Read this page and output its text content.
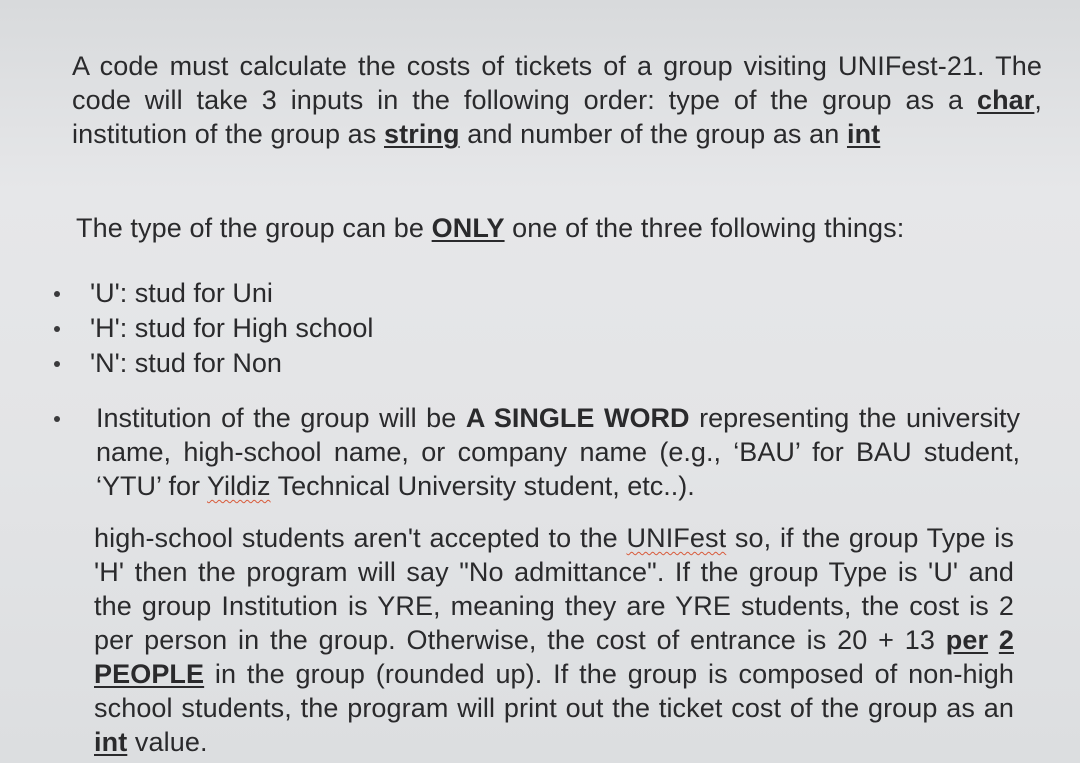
A code must calculate the costs of tickets of a group visiting UNIFest-21. The code will take 3 inputs in the following order: type of the group as a char, institution of the group as string and number of the group as an int
The type of the group can be ONLY one of the three following things:
'U': stud for Uni
'H': stud for High school
'N': stud for Non
Institution of the group will be A SINGLE WORD representing the university name, high-school name, or company name (e.g., ‘BAU’ for BAU student, ‘YTU’ for Yildiz Technical University student, etc..).
high-school students aren't accepted to the UNIFest so, if the group Type is 'H' then the program will say "No admittance". If the group Type is 'U' and the group Institution is YRE, meaning they are YRE students, the cost is 2 per person in the group. Otherwise, the cost of entrance is 20 + 13 per 2 PEOPLE in the group (rounded up). If the group is composed of non-high school students, the program will print out the ticket cost of the group as an int value.
